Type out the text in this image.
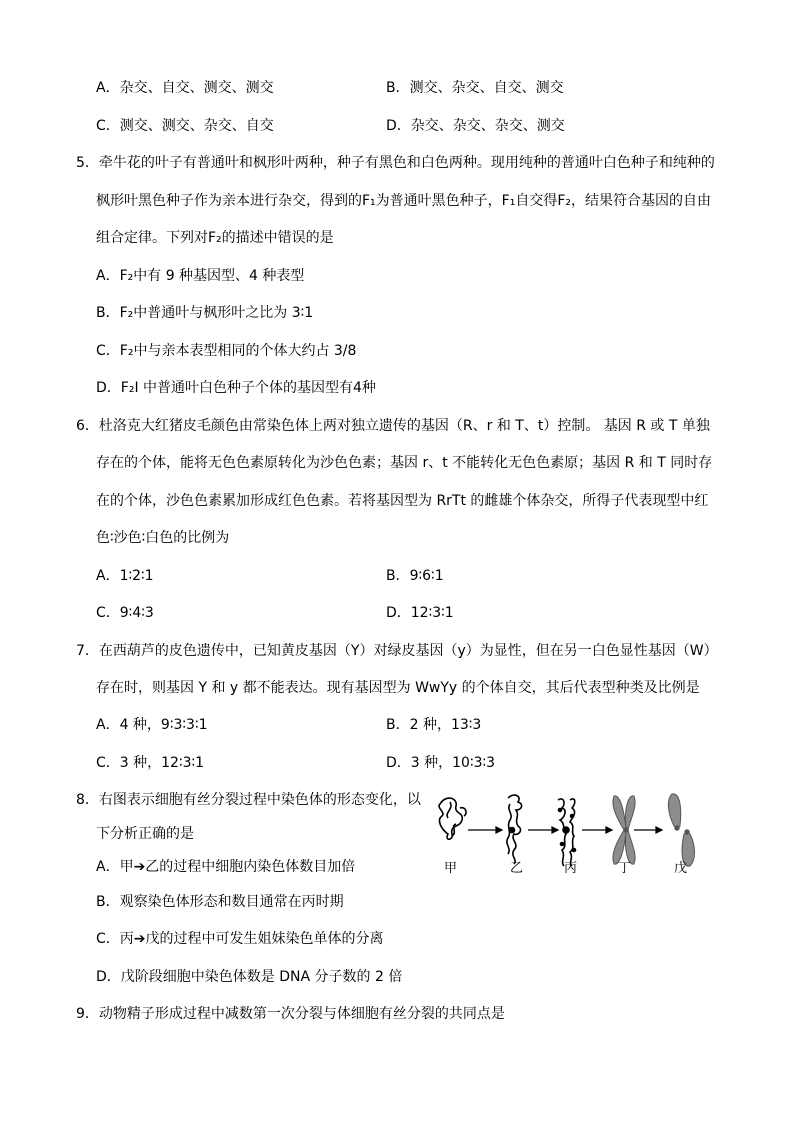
A．杂交、自交、测交、测交	B．测交、杂交、自交、测交
C．测交、测交、杂交、自交	D．杂交、杂交、杂交、测交
5．牵牛花的叶子有普通叶和枫形叶两种，种子有黑色和白色两种。现用纯种的普通叶白色种子和纯种的
枫形叶黑色种子作为亲本进行杂交，得到的F₁为普通叶黑色种子，F₁自交得F₂，结果符合基因的自由
组合定律。下列对F₂的描述中错误的是
A．F₂中有 9 种基因型、4 种表型
B．F₂中普通叶与枫形叶之比为 3∶1
C．F₂中与亲本表型相同的个体大约占 3/8
D．F₂I 中普通叶白色种子个体的基因型有4种
6．杜洛克大红猪皮毛颜色由常染色体上两对独立遗传的基因（R、r 和 T、t）控制。 基因 R 或 T 单独
存在的个体，能将无色色素原转化为沙色色素；基因 r、t 不能转化无色色素原；基因 R 和 T 同时存
在的个体，沙色色素累加形成红色色素。若将基因型为 RrTt 的雌雄个体杂交，所得子代表现型中红
色∶沙色∶白色的比例为
A．1∶2∶1	B．9∶6∶1
C．9∶4∶3	D．12∶3∶1
7．在西葫芦的皮色遗传中，已知黄皮基因（Y）对绿皮基因（y）为显性，但在另一白色显性基因（W）
存在时，则基因 Y 和 y 都不能表达。现有基因型为 WwYy 的个体自交，其后代表型种类及比例是
A．4 种，9∶3∶3∶1	B．2 种，13∶3
C．3 种，12∶3∶1	D．3 种，10∶3∶3
8．右图表示细胞有丝分裂过程中染色体的形态变化，以
下分析正确的是
A．甲➔乙的过程中细胞内染色体数目加倍
B．观察染色体形态和数目通常在丙时期
C．丙➔戊的过程中可发生姐妹染色单体的分离
D．戊阶段细胞中染色体数是 DNA 分子数的 2 倍
甲	乙	丙	丁	戊
9．动物精子形成过程中减数第一次分裂与体细胞有丝分裂的共同点是
